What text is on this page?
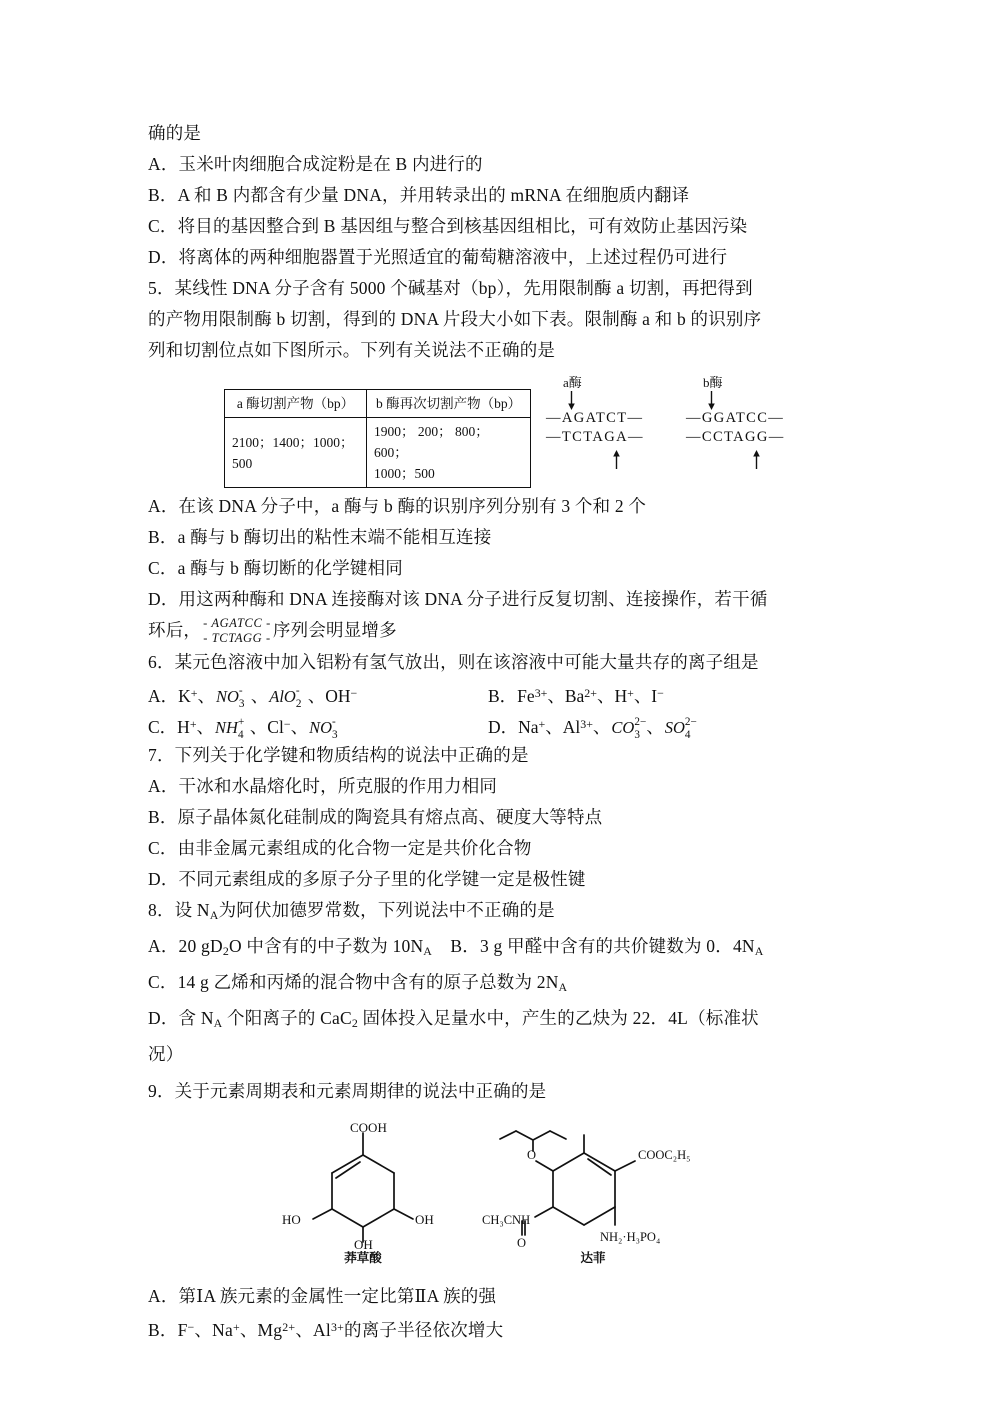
确的是
A．玉米叶肉细胞合成淀粉是在 B 内进行的
B．A 和 B 内都含有少量 DNA，并用转录出的 mRNA 在细胞质内翻译
C．将目的基因整合到 B 基因组与整合到核基因组相比，可有效防止基因污染
D．将离体的两种细胞器置于光照适宜的葡萄糖溶液中，上述过程仍可进行
5．某线性 DNA 分子含有 5000 个碱基对（bp），先用限制酶 a 切割，再把得到
的产物用限制酶 b 切割，得到的 DNA 片段大小如下表。限制酶 a 和 b 的识别序
列和切割位点如下图所示。下列有关说法不正确的是
a 酶切割产物（bp）	b 酶再次切割产物（bp）
2100；1400；1000；
500	1900； 200； 800； 600；
1000；500
a酶
—AGATCT—
—TCTAGA—
b酶
—GGATCC—
—CCTAGG—
A．在该 DNA 分子中，a 酶与 b 酶的识别序列分别有 3 个和 2 个
B．a 酶与 b 酶切出的粘性末端不能相互连接
C．a 酶与 b 酶切断的化学键相同
D．用这两种酶和 DNA 连接酶对该 DNA 分子进行反复切割、连接操作，若干循
环后， - AGATCC -
- TCTAGG - 序列会明显增多
6．某元色溶液中加入铝粉有氢气放出，则在该溶液中可能大量共存的离子组是
A．K+、NO -
3 、AlO -
2 、OH−	B．$Fe^{3+}$、$Ba^{2+}$、H+、I−
C．H+、NH +
4 、Cl−、NO -
3	D．Na+、$Al^{3+}$、CO 2−
3 、SO 2−
4
7．下列关于化学键和物质结构的说法中正确的是
A．干冰和水晶熔化时，所克服的作用力相同
B．原子晶体氮化硅制成的陶瓷具有熔点高、硬度大等特点
C．由非金属元素组成的化合物一定是共价化合物
D．不同元素组成的多原子分子里的化学键一定是极性键
8．设 $N_A$为阿伏加德罗常数，下列说法中不正确的是
A．20 $gD_2O$ 中含有的中子数为 $10N_A$ B．3 g 甲醛中含有的共价键数为 0．$4N_A$
C．14 g 乙烯和丙烯的混合物中含有的原子总数为 $2N_A$
D．含 $N_A$ 个阳离子的 CaC$_2$ 固体投入足量水中，产生的乙炔为 22．4L（标准状
况）
9．关于元素周期表和元素周期律的说法中正确的是
COOH
HO	OH
OH
莽草酸
O
CH₃CNH
O	NH₂·H₃PO₄
COOC₂H₅
达菲
A．第ⅠA 族元素的金属性一定比第ⅡA 族的强
B．F−、Na+、$Mg^{2+}$、$Al^{3+}$的离子半径依次增大
